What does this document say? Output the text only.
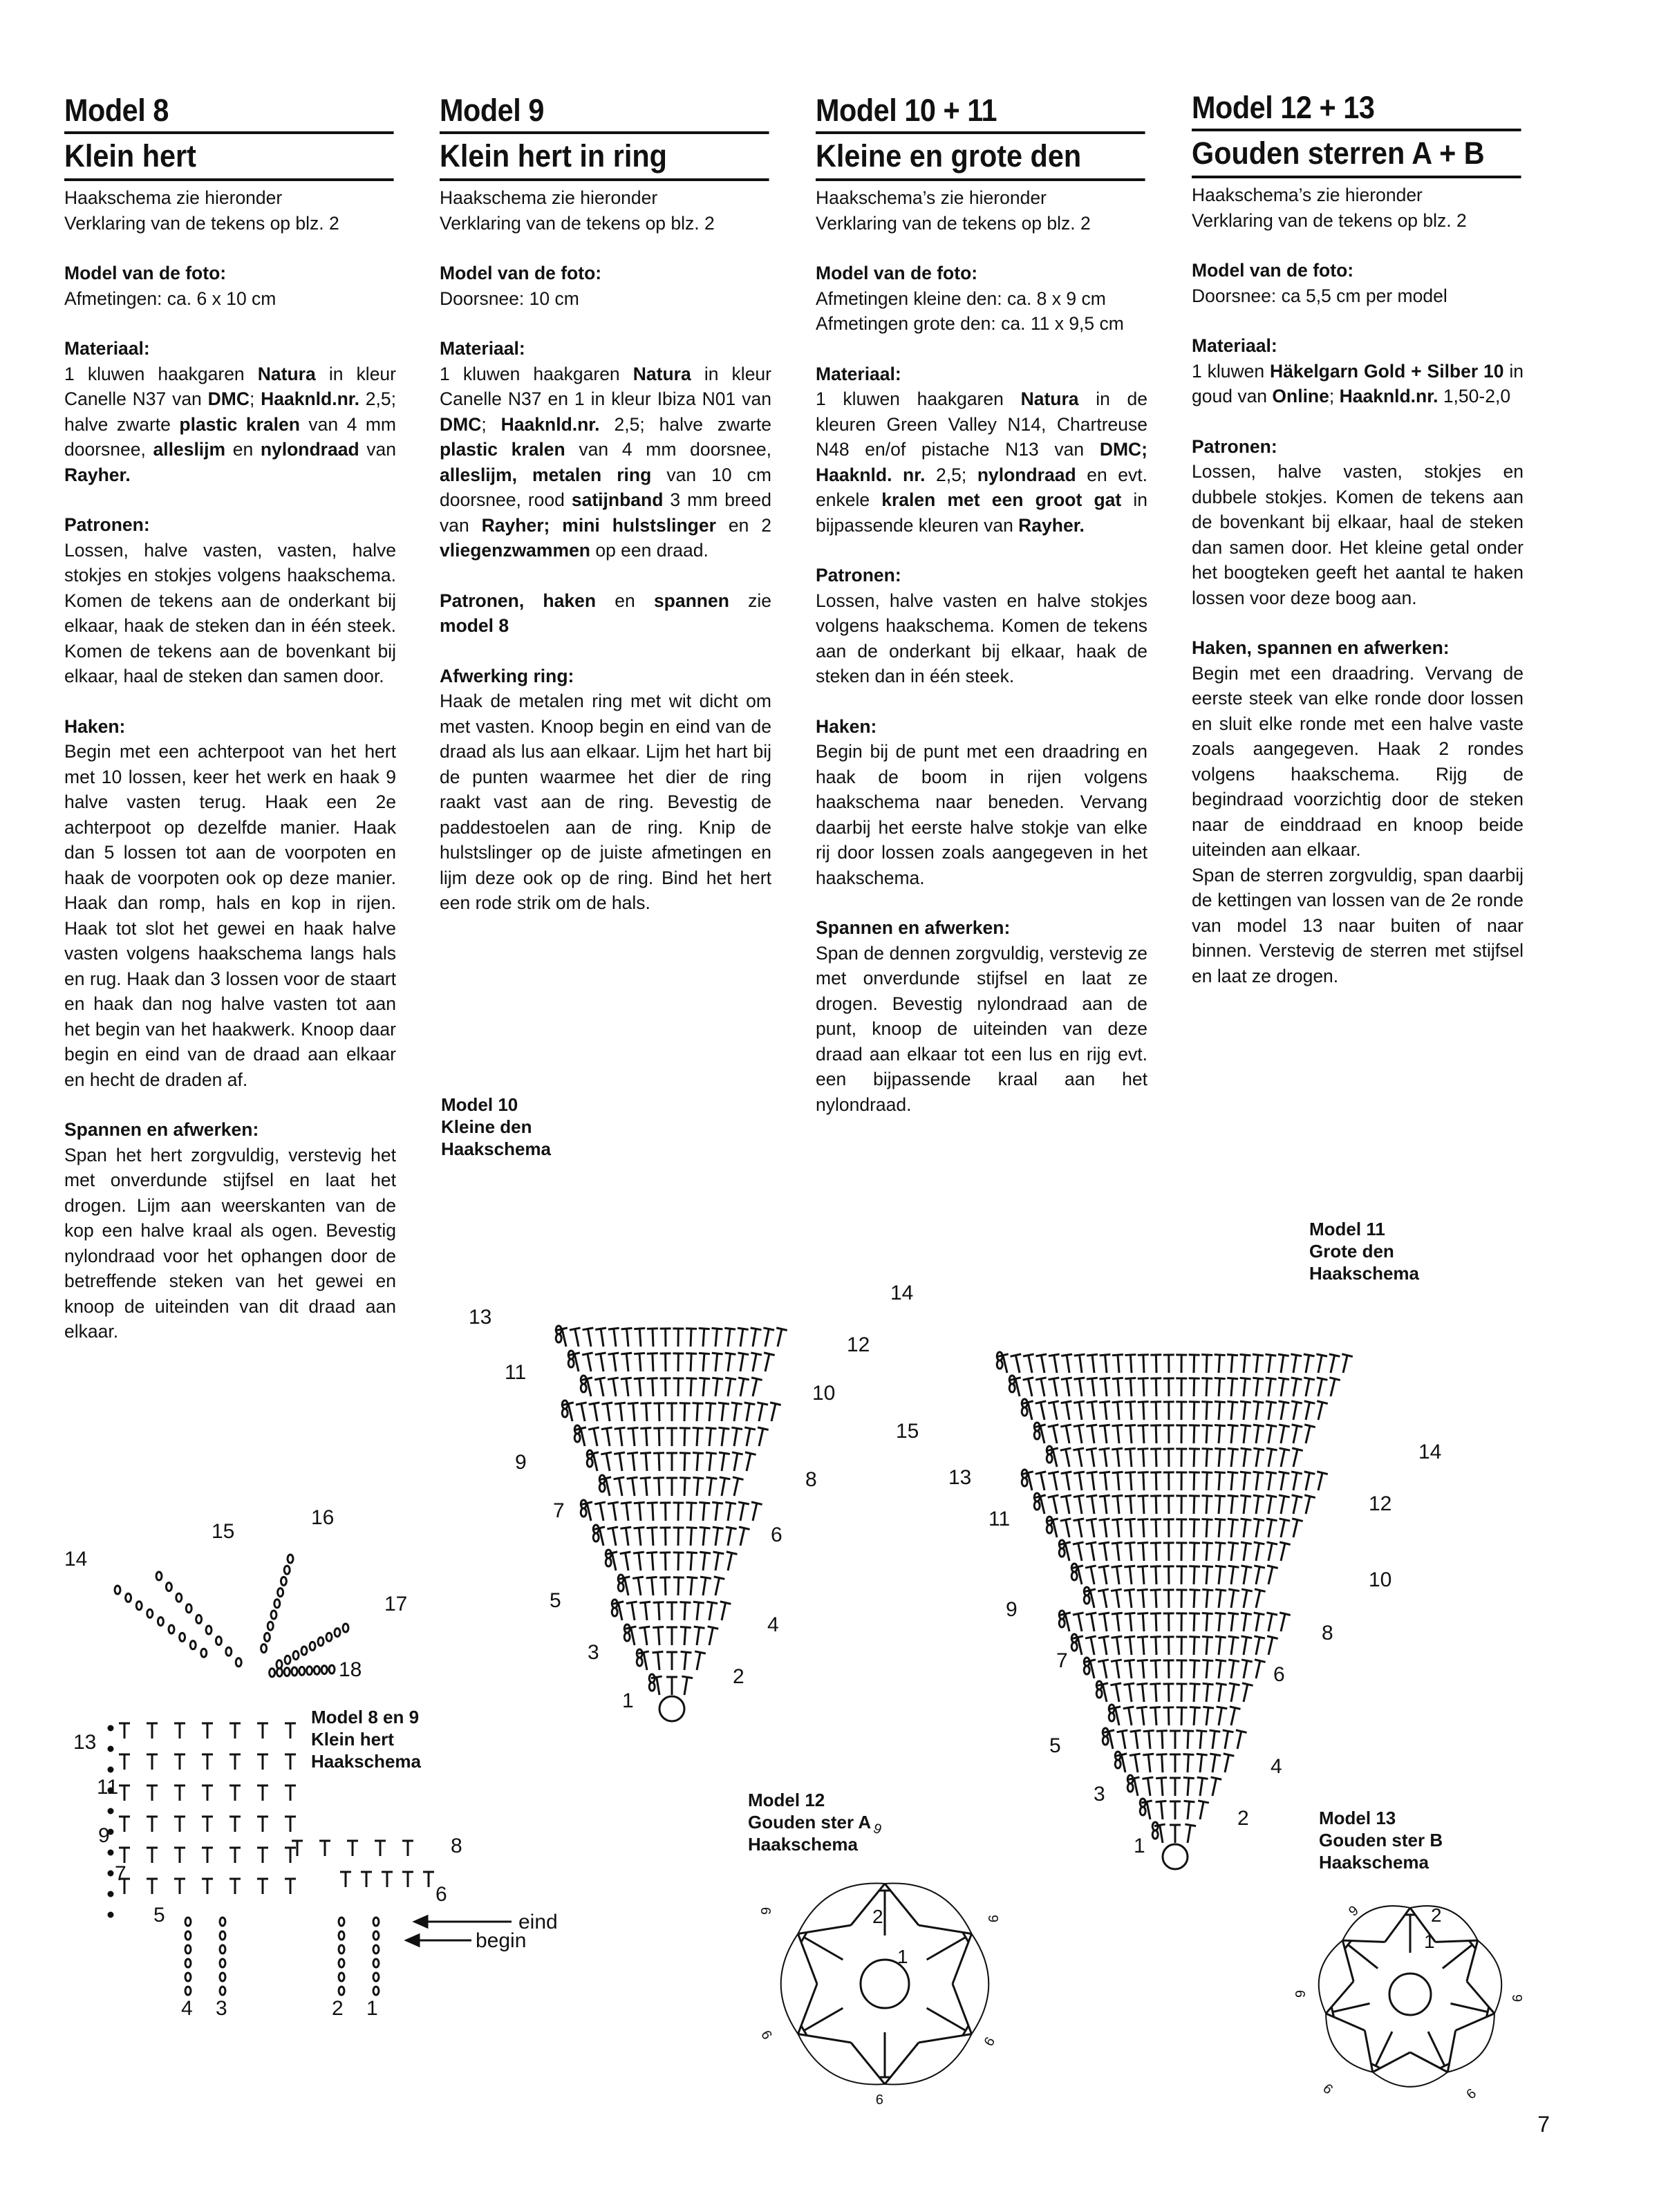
Model 8
Klein hert

Haakschema zie hieronder

Verklaring van de tekens op blz. 2

Model van de foto:

Afmetingen: ca. 6 x 10 cm

Materiaal:

1 kluwen haakgaren Natura in kleur Canelle N37 van DMC; Haaknld.nr. 2,5; halve zwarte plastic kralen van 4 mm doorsnee, alleslijm en nylondraad van Rayher.

Patronen:

Lossen, halve vasten, vasten, halve stokjes en stokjes volgens haakschema. Komen de tekens aan de onderkant bij elkaar, haak de steken dan in één steek. Komen de tekens aan de bovenkant bij elkaar, haal de steken dan samen door.

Haken:

Begin met een achterpoot van het hert met 10 lossen, keer het werk en haak 9 halve vasten terug. Haak een 2e achterpoot op dezelfde manier. Haak dan 5 lossen tot aan de voorpoten en haak de voorpoten ook op deze manier. Haak dan romp, hals en kop in rijen. Haak tot slot het gewei en haak halve vasten volgens haakschema langs hals en rug. Haak dan 3 lossen voor de staart en haak dan nog halve vasten tot aan het begin van het haakwerk. Knoop daar begin en eind van de draad aan elkaar en hecht de draden af.

Spannen en afwerken:

Span het hert zorgvuldig, verstevig het met onverdunde stijfsel en laat het drogen. Lijm aan weerskanten van de kop een halve kraal als ogen. Bevestig nylondraad voor het ophangen door de betreffende steken van het gewei en knoop de uiteinden van dit draad aan elkaar.

Model 9
Klein hert in ring

Haakschema zie hieronder

Verklaring van de tekens op blz. 2

Model van de foto:

Doorsnee: 10 cm

Materiaal:

1 kluwen haakgaren Natura in kleur Canelle N37 en 1 in kleur Ibiza N01 van DMC; Haaknld.nr. 2,5; halve zwarte plastic kralen van 4 mm doorsnee, alleslijm, metalen ring van 10 cm doorsnee, rood satijnband 3 mm breed van Rayher; mini hulstslinger en 2 vliegenzwammen op een draad.

Patronen, haken en spannen zie model 8

Afwerking ring:

Haak de metalen ring met wit dicht om met vasten. Knoop begin en eind van de draad als lus aan elkaar. Lijm het hart bij de punten waarmee het dier de ring raakt vast aan de ring. Bevestig de paddestoelen aan de ring. Knip de hulstslinger op de juiste afmetingen en lijm deze ook op de ring. Bind het hert een rode strik om de hals.

Model 10 + 11
Kleine en grote den

Haakschema’s zie hieronder

Verklaring van de tekens op blz. 2

Model van de foto:

Afmetingen kleine den: ca. 8 x 9 cm

Afmetingen grote den: ca. 11 x 9,5 cm

Materiaal:

1 kluwen haakgaren Natura in de kleuren Green Valley N14, Chartreuse N48 en/of pistache N13 van DMC; Haaknld. nr. 2,5; nylondraad en evt. enkele kralen met een groot gat in bijpassende kleuren van Rayher.

Patronen:

Lossen, halve vasten en halve stokjes volgens haakschema. Komen de tekens aan de onderkant bij elkaar, haak de steken dan in één steek.

Haken:

Begin bij de punt met een draadring en haak de boom in rijen volgens haakschema naar beneden. Vervang daarbij het eerste halve stokje van elke rij door lossen zoals aangegeven in het haakschema.

Spannen en afwerken:

Span de dennen zorgvuldig, verstevig ze met onverdunde stijfsel en laat ze drogen. Bevestig nylondraad aan de punt, knoop de uiteinden van deze draad aan elkaar tot een lus en rijg evt. een bijpassende kraal aan het nylondraad.

Model 12 + 13
Gouden sterren A + B

Haakschema’s zie hieronder

Verklaring van de tekens op blz. 2

Model van de foto:

Doorsnee: ca 5,5 cm per model

Materiaal:

1 kluwen Häkelgarn Gold + Silber 10 in goud van Online; Haaknld.nr. 1,50-2,0

Patronen:

Lossen, halve vasten, stokjes en dubbele stokjes. Komen de tekens aan de bovenkant bij elkaar, haal de steken dan samen door. Het kleine getal onder het boogteken geeft het aantal te haken lossen voor deze boog aan.

Haken, spannen en afwerken:

Begin met een draadring. Vervang de eerste steek van elke ronde door lossen en sluit elke ronde met een halve vaste zoals aangegeven. Haak 2 rondes volgens haakschema. Rijg de begindraad voorzichtig door de steken naar de einddraad en knoop beide uiteinden aan elkaar.

Span de sterren zorgvuldig, span daarbij de kettingen van lossen van de 2e ronde van model 13 naar buiten of naar binnen. Verstevig de sterren met stijfsel en laat ze drogen.

Model 10
Kleine den
Haakschema
Model 11
Grote den
Haakschema
Model 8 en 9
Klein hert
Haakschema
Model 12
Gouden ster A
Haakschema
Model 13
Gouden ster B
Haakschema
1
2
3
4
5
6
7
8
9
10
11
12
13
14
1
2
3
4
5
6
7
8
9
10
11
12
13
14
15
1
2
3
4
5
6
7
8
9
11
13
14
15
16
17
18
eind
begin
1
2
9
9
9
9	9
9
1
2
9
9
9
9	9
7
